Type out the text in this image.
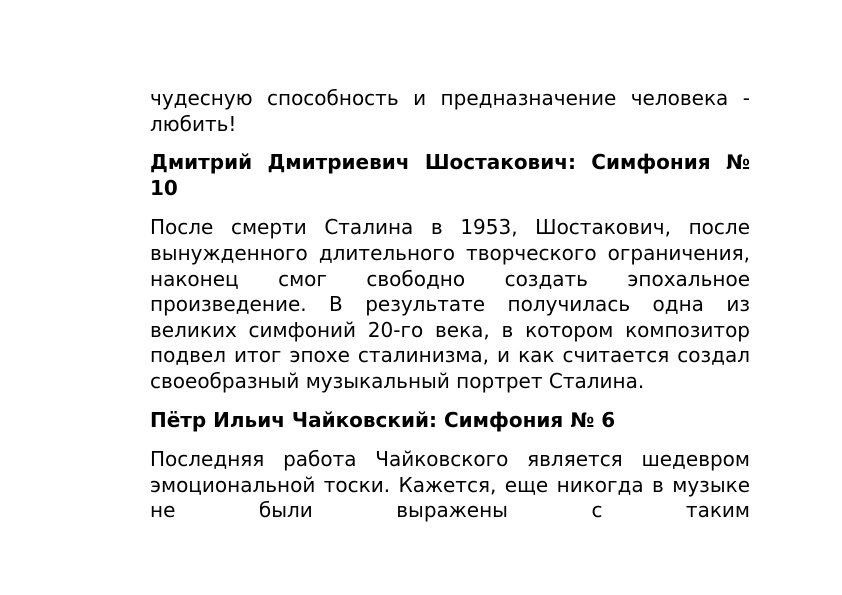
чудесную способность и предназначение человека - любить!

Дмитрий Дмитриевич Шостакович: Симфония № 10

После смерти Сталина в 1953, Шостакович, после вынужденного длительного творческого ограничения, наконец смог свободно создать эпохальное произведение. В результате получилась одна из великих симфоний 20-го века, в котором композитор подвел итог эпохе сталинизма, и как считается создал своеобразный музыкальный портрет Сталина.

Пётр Ильич Чайковский: Симфония № 6

Последняя работа Чайковского является шедевром эмоциональной тоски. Кажется, еще никогда в музыке не были выражены с таким
